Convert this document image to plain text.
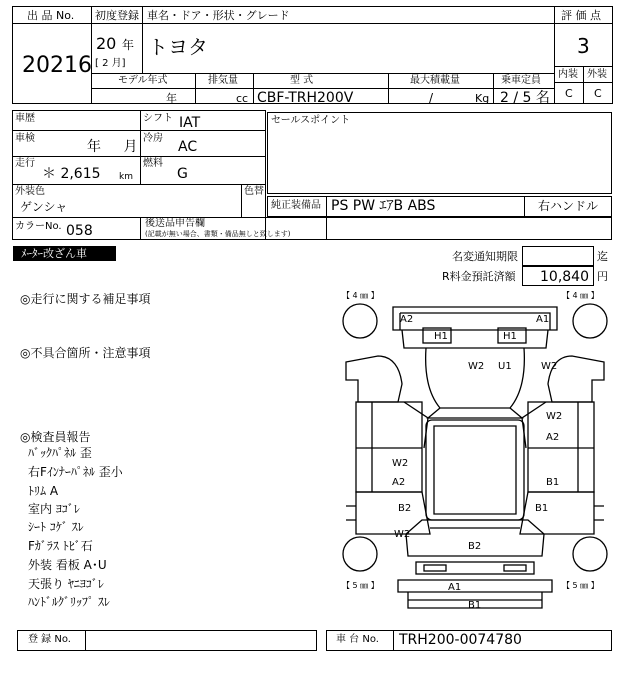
出 品 No.
20216
初度登録 車名・ドア・形状・グレード
20 年
[ 2 月]
トヨタ
評 価 点
3
内装 外装
C C
モデル年式	排気量	型 式	最大積載量	乗車定員
年	cc CBF-TRH200V	/	Kg 2 / 5 名
車歴	シフト IAT
車検
年 月
冷房
AC
走行
＊ 2,615 km
燃料
G
外装色
ゲンシャ
色替
カラーNo. 058
セールスポイント
純正装備品 PS PW ｴｱB ABS	右ハンドル
後送品申告欄
(記載が無い場合、書類・備品無しと致します)
ﾒｰﾀｰ改ざん車	名変通知期限	迄
R料金預託済額 10,840 円
◎走行に関する補足事項
◎不具合箇所・注意事項
◎検査員報告
ﾊﾞｯｸﾊﾟﾈﾙ 歪
右Fｲﾝﾅｰﾊﾟﾈﾙ 歪小
ﾄﾘﾑ A
室内 ﾖｺﾞﾚ
ｼｰﾄ ｺｹﾞ ｽﾚ
Fｶﾞﾗｽ ﾄﾋﾞ石
外装 看板 A･U
天張り ﾔﾆﾖｺﾞﾚ
ﾊﾝﾄﾞﾙｸﾞﾘｯﾌﾟ ｽﾚ
【 4 ㎜ 】	【 4 ㎜ 】
【 5 ㎜ 】	【 5 ㎜ 】
A2	A1
H1	H1
W2 U1	W2
W2
A2
W2
A2	B1
B2	B1
W2
B2
A1
B1
登 録 No.	車 台 No. TRH200-0074780
